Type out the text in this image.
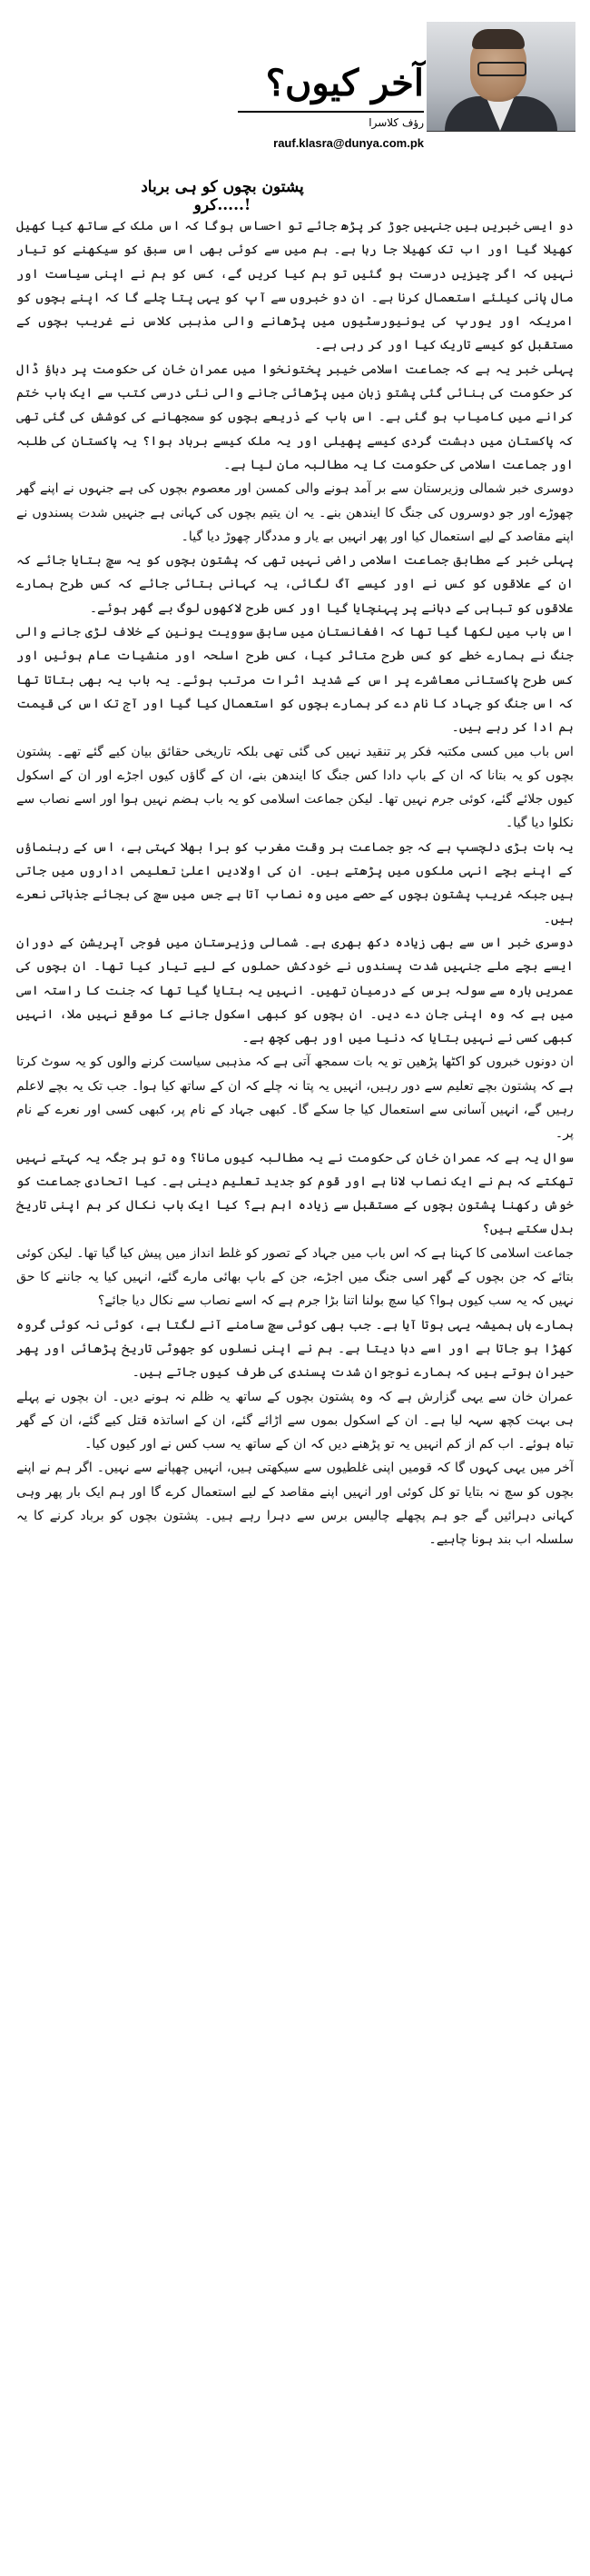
آخر کیوں؟
رؤف کلاسرا
rauf.klasra@dunya.com.pk
پشتون بچوں کو ہی برباد کرو.....!

دو ایسی خبریں ہیں جنہیں جوڑ کر پڑھ جائے تو احساس ہوگا کہ اس ملک کے ساتھ کیا کھیل کھیلا گیا اور اب تک کھیلا جا رہا ہے۔ ہم میں سے کوئی بھی اس سبق کو سیکھنے کو تیار نہیں کہ اگر چیزیں درست ہو گئیں تو ہم کیا کریں گے، کس کو ہم نے اپنی سیاست اور مال پانی کیلئے استعمال کرنا ہے۔ ان دو خبروں سے آپ کو یہی پتا چلے گا کہ اپنے بچوں کو امریکہ اور یورپ کی یونیورسٹیوں میں پڑھانے والی مذہبی کلاس نے غریب بچوں کے مستقبل کو کیسے تاریک کیا اور کر رہی ہے۔

پہلی خبر یہ ہے کہ جماعت اسلامی خیبر پختونخوا میں عمران خان کی حکومت پر دباؤ ڈال کر حکومت کی بنائی گئی پشتو زبان میں پڑھائی جانے والی نئی درسی کتب سے ایک باب ختم کرانے میں کامیاب ہو گئی ہے۔ اس باب کے ذریعے بچوں کو سمجھانے کی کوشش کی گئی تھی کہ پاکستان میں دہشت گردی کیسے پھیلی اور یہ ملک کیسے برباد ہوا؟ یہ پاکستان کی طلبہ اور جماعت اسلامی کی حکومت کا یہ مطالبہ مان لیا ہے۔

دوسری خبر شمالی وزیرستان سے بر آمد ہونے والی کمسن اور معصوم بچوں کی ہے جنہوں نے اپنے گھر چھوڑے اور جو دوسروں کی جنگ کا ایندھن بنے۔ یہ ان یتیم بچوں کی کہانی ہے جنہیں شدت پسندوں نے اپنے مقاصد کے لیے استعمال کیا اور پھر انہیں بے یار و مددگار چھوڑ دیا گیا۔

پہلی خبر کے مطابق جماعت اسلامی راضی نہیں تھی کہ پشتون بچوں کو یہ سچ بتایا جائے کہ ان کے علاقوں کو کس نے اور کیسے آگ لگائی، یہ کہانی بتائی جائے کہ کس طرح ہمارے علاقوں کو تباہی کے دہانے پر پہنچایا گیا اور کس طرح لاکھوں لوگ بے گھر ہوئے۔

اس باب میں لکھا گیا تھا کہ افغانستان میں سابق سوویت یونین کے خلاف لڑی جانے والی جنگ نے ہمارے خطے کو کس طرح متاثر کیا، کس طرح اسلحہ اور منشیات عام ہوئیں اور کس طرح پاکستانی معاشرے پر اس کے شدید اثرات مرتب ہوئے۔ یہ باب یہ بھی بتاتا تھا کہ اس جنگ کو جہاد کا نام دے کر ہمارے بچوں کو استعمال کیا گیا اور آج تک اس کی قیمت ہم ادا کر رہے ہیں۔

اس باب میں کسی مکتبہ فکر پر تنقید نہیں کی گئی تھی بلکہ تاریخی حقائق بیان کیے گئے تھے۔ پشتون بچوں کو یہ بتانا کہ ان کے باپ دادا کس جنگ کا ایندھن بنے، ان کے گاؤں کیوں اجڑے اور ان کے اسکول کیوں جلائے گئے، کوئی جرم نہیں تھا۔ لیکن جماعت اسلامی کو یہ باب ہضم نہیں ہوا اور اسے نصاب سے نکلوا دیا گیا۔

یہ بات بڑی دلچسپ ہے کہ جو جماعت ہر وقت مغرب کو برا بھلا کہتی ہے، اس کے رہنماؤں کے اپنے بچے انہی ملکوں میں پڑھتے ہیں۔ ان کی اولادیں اعلیٰ تعلیمی اداروں میں جاتی ہیں جبکہ غریب پشتون بچوں کے حصے میں وہ نصاب آتا ہے جس میں سچ کی بجائے جذباتی نعرے ہیں۔

دوسری خبر اس سے بھی زیادہ دکھ بھری ہے۔ شمالی وزیرستان میں فوجی آپریشن کے دوران ایسے بچے ملے جنہیں شدت پسندوں نے خودکش حملوں کے لیے تیار کیا تھا۔ ان بچوں کی عمریں بارہ سے سولہ برس کے درمیان تھیں۔ انہیں یہ بتایا گیا تھا کہ جنت کا راستہ اسی میں ہے کہ وہ اپنی جان دے دیں۔ ان بچوں کو کبھی اسکول جانے کا موقع نہیں ملا، انہیں کبھی کسی نے نہیں بتایا کہ دنیا میں اور بھی کچھ ہے۔

ان دونوں خبروں کو اکٹھا پڑھیں تو یہ بات سمجھ آتی ہے کہ مذہبی سیاست کرنے والوں کو یہ سوٹ کرتا ہے کہ پشتون بچے تعلیم سے دور رہیں، انہیں یہ پتا نہ چلے کہ ان کے ساتھ کیا ہوا۔ جب تک یہ بچے لاعلم رہیں گے، انہیں آسانی سے استعمال کیا جا سکے گا۔ کبھی جہاد کے نام پر، کبھی کسی اور نعرے کے نام پر۔

سوال یہ ہے کہ عمران خان کی حکومت نے یہ مطالبہ کیوں مانا؟ وہ تو ہر جگہ یہ کہتے نہیں تھکتے کہ ہم نے ایک نصاب لانا ہے اور قوم کو جدید تعلیم دینی ہے۔ کیا اتحادی جماعت کو خوش رکھنا پشتون بچوں کے مستقبل سے زیادہ اہم ہے؟ کیا ایک باب نکال کر ہم اپنی تاریخ بدل سکتے ہیں؟

جماعت اسلامی کا کہنا ہے کہ اس باب میں جہاد کے تصور کو غلط انداز میں پیش کیا گیا تھا۔ لیکن کوئی بتائے کہ جن بچوں کے گھر اسی جنگ میں اجڑے، جن کے باپ بھائی مارے گئے، انہیں کیا یہ جاننے کا حق نہیں کہ یہ سب کیوں ہوا؟ کیا سچ بولنا اتنا بڑا جرم ہے کہ اسے نصاب سے نکال دیا جائے؟

ہمارے ہاں ہمیشہ یہی ہوتا آیا ہے۔ جب بھی کوئی سچ سامنے آنے لگتا ہے، کوئی نہ کوئی گروہ کھڑا ہو جاتا ہے اور اسے دبا دیتا ہے۔ ہم نے اپنی نسلوں کو جھوٹی تاریخ پڑھائی اور پھر حیران ہوتے ہیں کہ ہمارے نوجوان شدت پسندی کی طرف کیوں جاتے ہیں۔

عمران خان سے یہی گزارش ہے کہ وہ پشتون بچوں کے ساتھ یہ ظلم نہ ہونے دیں۔ ان بچوں نے پہلے ہی بہت کچھ سہہ لیا ہے۔ ان کے اسکول بموں سے اڑائے گئے، ان کے اساتذہ قتل کیے گئے، ان کے گھر تباہ ہوئے۔ اب کم از کم انہیں یہ تو پڑھنے دیں کہ ان کے ساتھ یہ سب کس نے اور کیوں کیا۔

آخر میں یہی کہوں گا کہ قومیں اپنی غلطیوں سے سیکھتی ہیں، انہیں چھپانے سے نہیں۔ اگر ہم نے اپنے بچوں کو سچ نہ بتایا تو کل کوئی اور انہیں اپنے مقاصد کے لیے استعمال کرے گا اور ہم ایک بار پھر وہی کہانی دہرائیں گے جو ہم پچھلے چالیس برس سے دہرا رہے ہیں۔ پشتون بچوں کو برباد کرنے کا یہ سلسلہ اب بند ہونا چاہیے۔
